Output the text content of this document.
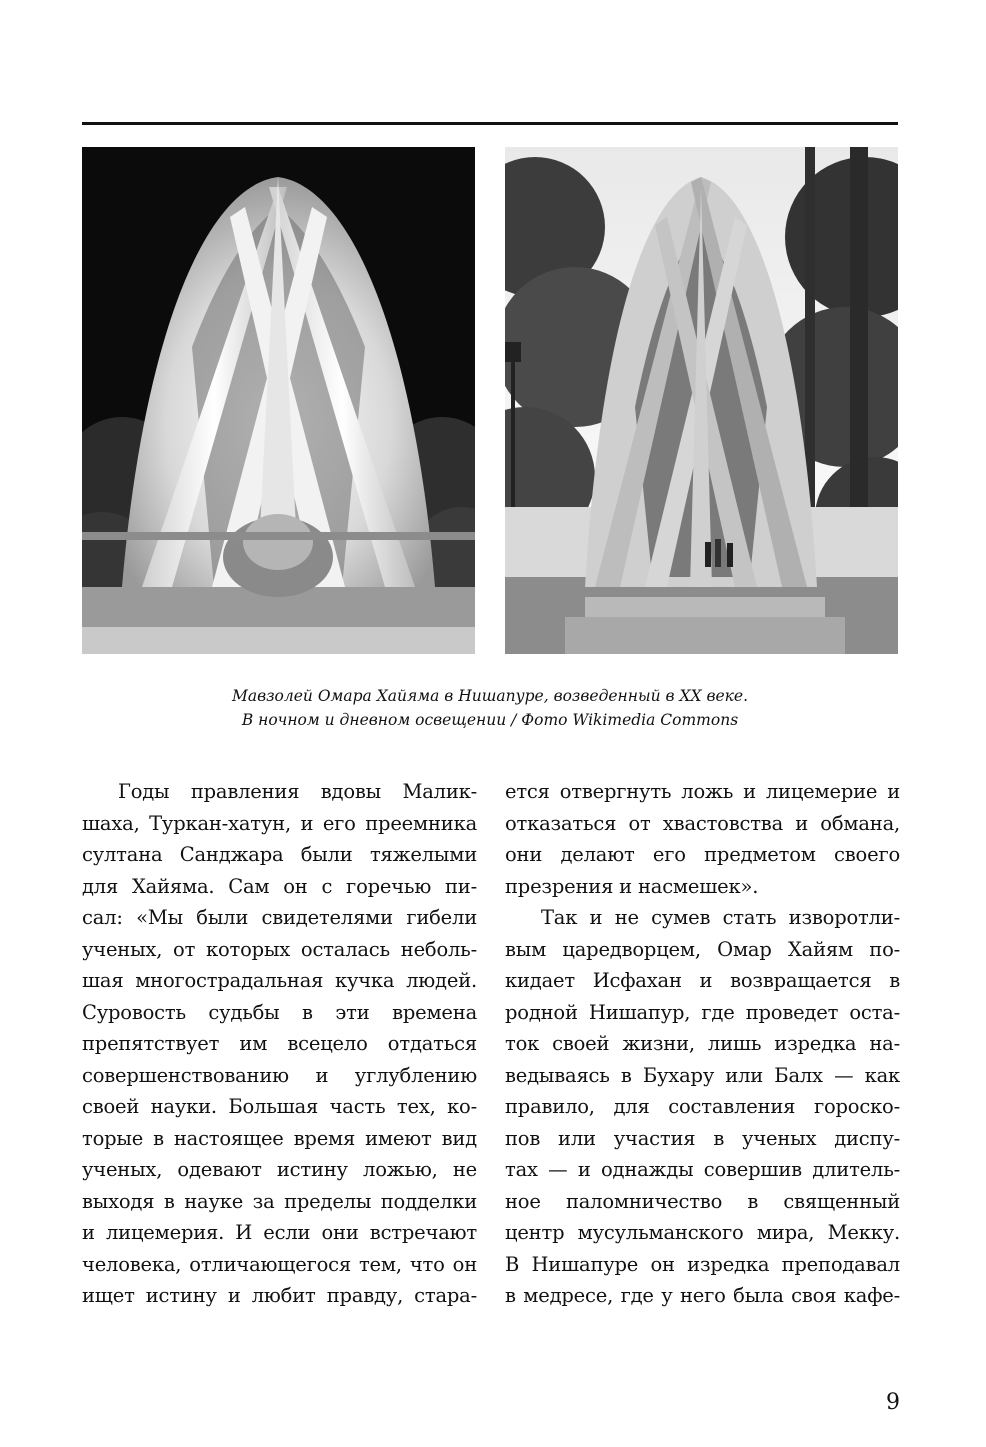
Мавзолей Омара Хайяма в Нишапуре, возведенный в XX веке.
В ночном и дневном освещении / Фото Wikimedia Commons
Годы правления вдовы Малик-
шаха, Туркан-хатун, и его преемника
султана Санджара были тяжелыми
для Хайяма. Сам он с горечью пи-
сал: «Мы были свидетелями гибели
ученых, от которых осталась неболь-
шая многострадальная кучка людей.
Суровость судьбы в эти времена
препятствует им всецело отдаться
совершенствованию и углублению
своей науки. Большая часть тех, ко-
торые в настоящее время имеют вид
ученых, одевают истину ложью, не
выходя в науке за пределы подделки
и лицемерия. И если они встречают
человека, отличающегося тем, что он
ищет истину и любит правду, стара-
ется отвергнуть ложь и лицемерие и
отказаться от хвастовства и обмана,
они делают его предметом своего
презрения и насмешек».
Так и не сумев стать изворотли-
вым царедворцем, Омар Хайям по-
кидает Исфахан и возвращается в
родной Нишапур, где проведет оста-
ток своей жизни, лишь изредка на-
ведываясь в Бухару или Балх — как
правило, для составления гороско-
пов или участия в ученых диспу-
тах — и однажды совершив длитель-
ное паломничество в священный
центр мусульманского мира, Мекку.
В Нишапуре он изредка преподавал
в медресе, где у него была своя кафе-
9
